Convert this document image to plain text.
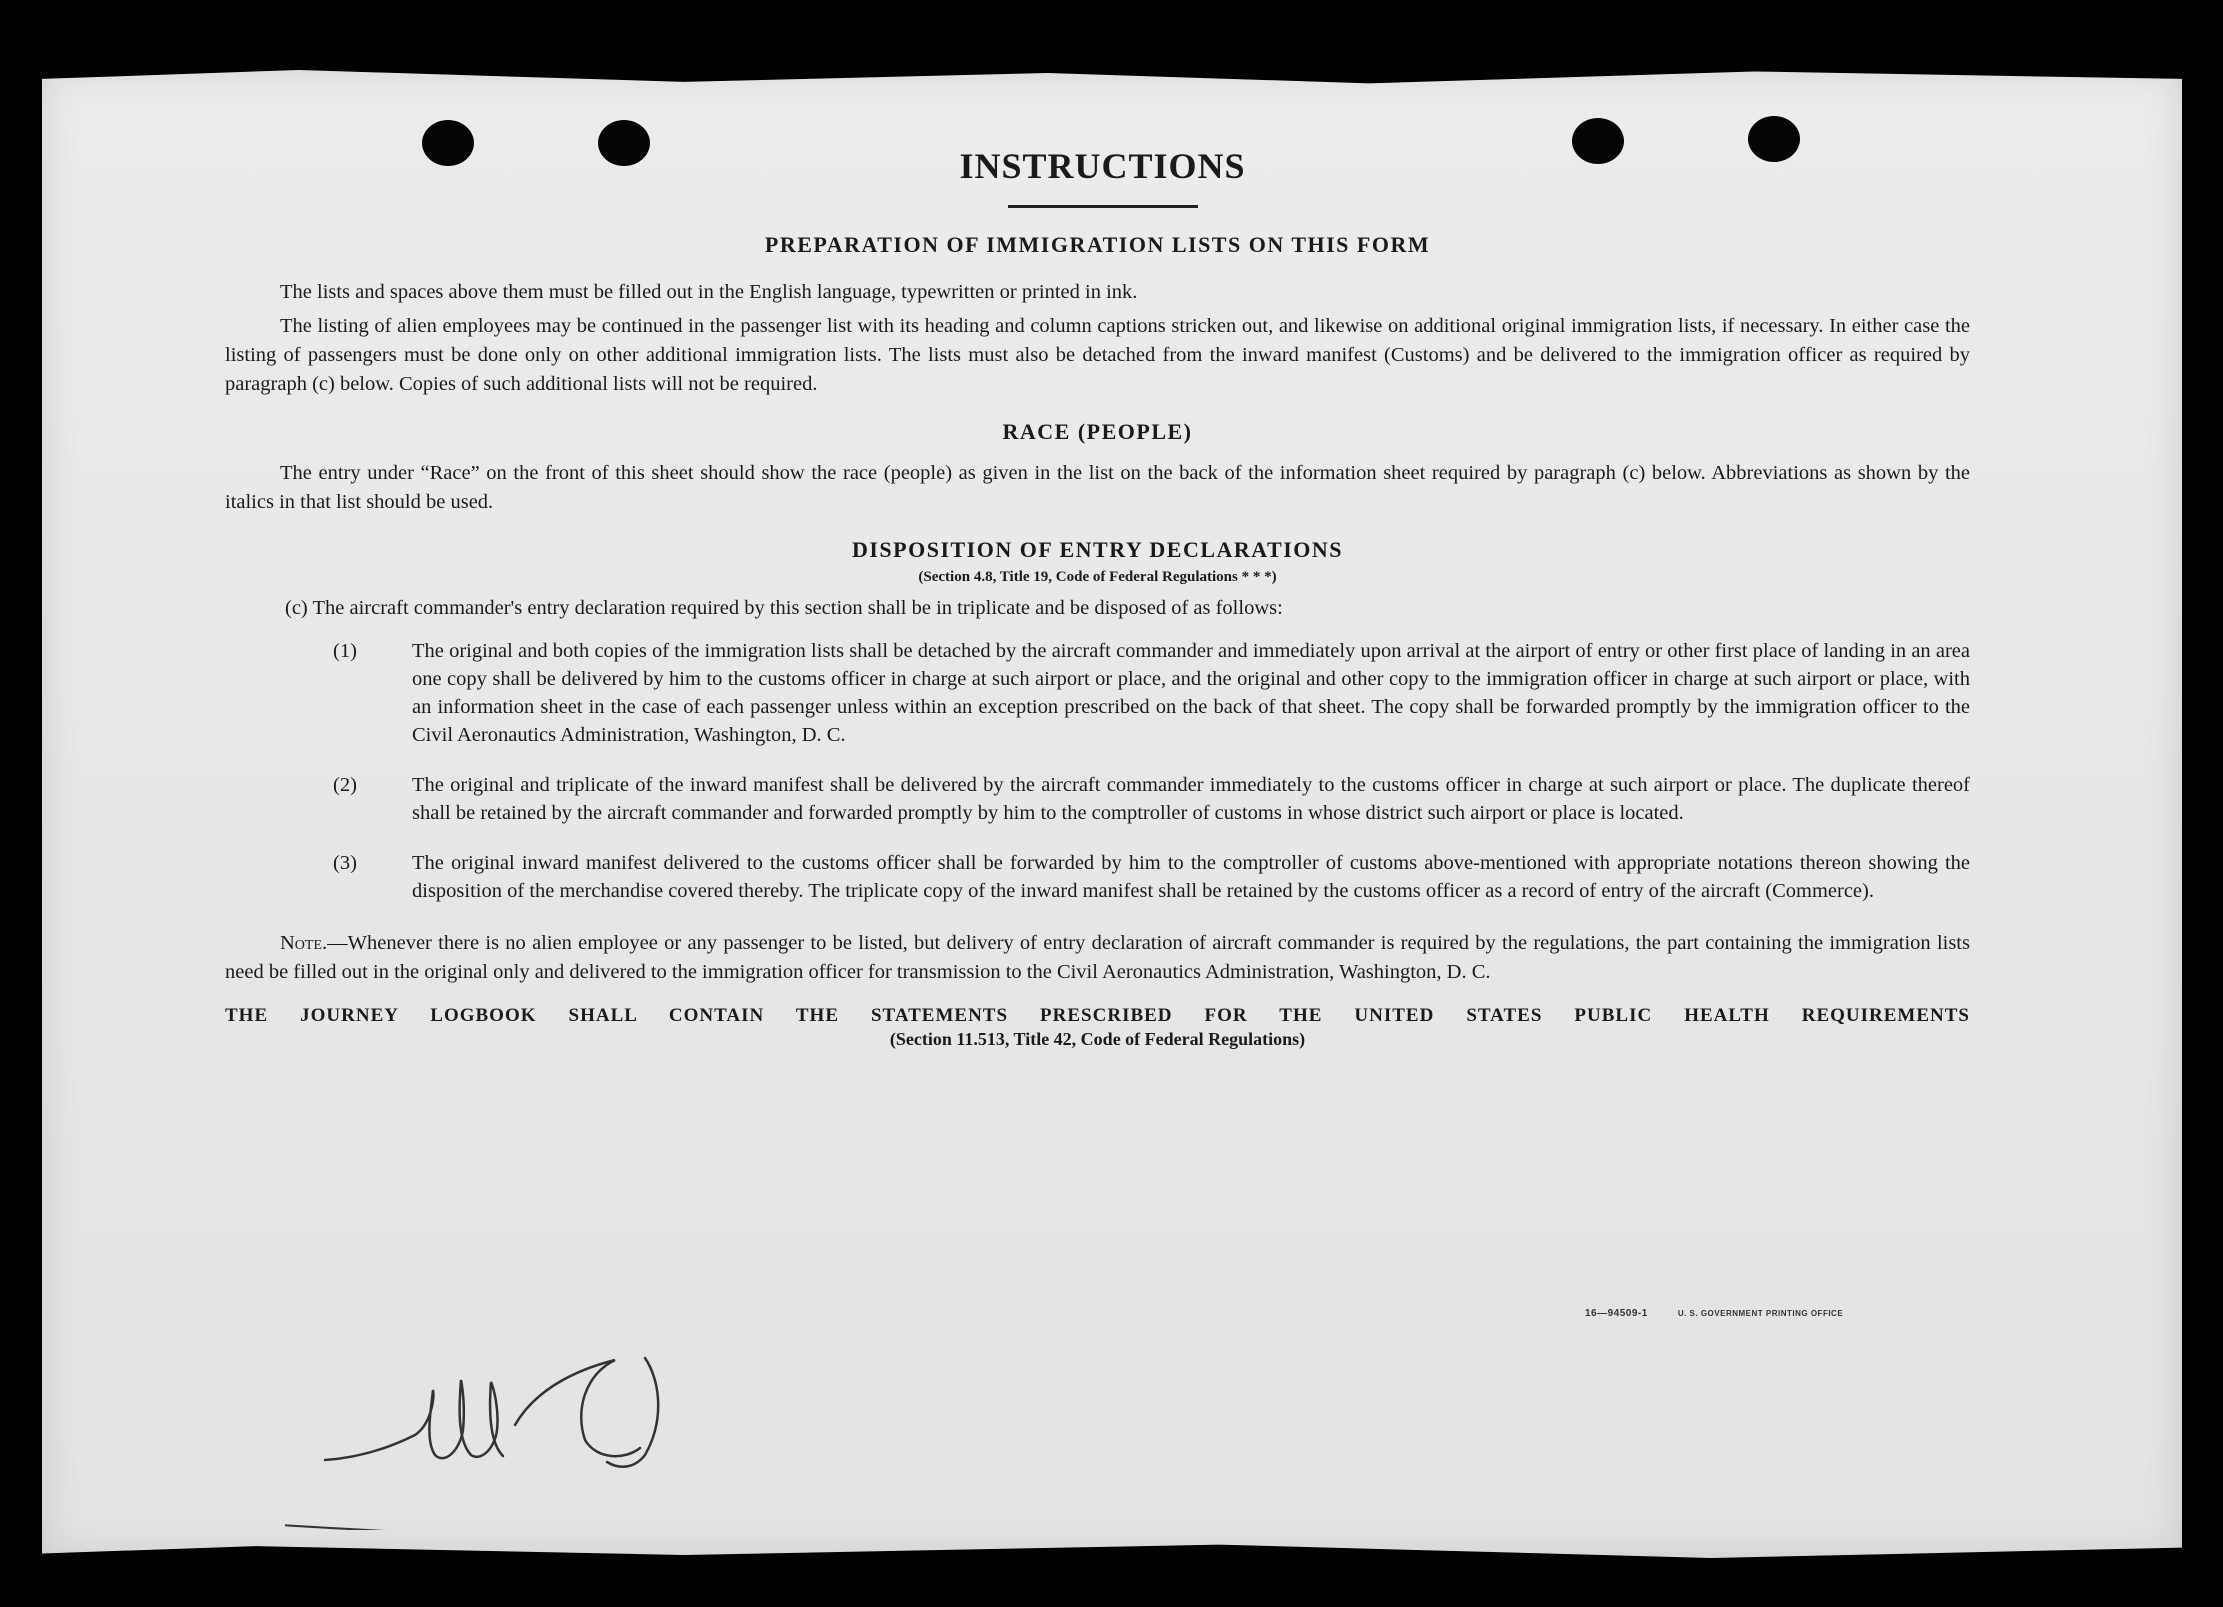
INSTRUCTIONS
PREPARATION OF IMMIGRATION LISTS ON THIS FORM

The lists and spaces above them must be filled out in the English language, typewritten or printed in ink.

The listing of alien employees may be continued in the passenger list with its heading and column captions stricken out, and likewise on additional original immigration lists, if necessary. In either case the listing of passengers must be done only on other additional immigration lists. The lists must also be detached from the inward manifest (Customs) and be delivered to the immigration officer as required by paragraph (c) below. Copies of such additional lists will not be required.

RACE (PEOPLE)

The entry under “Race” on the front of this sheet should show the race (people) as given in the list on the back of the information sheet required by paragraph (c) below. Abbreviations as shown by the italics in that list should be used.

DISPOSITION OF ENTRY DECLARATIONS
(Section 4.8, Title 19, Code of Federal Regulations * * *)

(c) The aircraft commander's entry declaration required by this section shall be in triplicate and be disposed of as follows:

(1)	The original and both copies of the immigration lists shall be detached by the aircraft commander and immediately upon arrival at the airport of entry or other first place of landing in an area one copy shall be delivered by him to the customs officer in charge at such airport or place, and the original and other copy to the immigration officer in charge at such airport or place, with an information sheet in the case of each passenger unless within an exception prescribed on the back of that sheet. The copy shall be forwarded promptly by the immigration officer to the Civil Aeronautics Administration, Washington, D. C.
(2)	The original and triplicate of the inward manifest shall be delivered by the aircraft commander immediately to the customs officer in charge at such airport or place. The duplicate thereof shall be retained by the aircraft commander and forwarded promptly by him to the comptroller of customs in whose district such airport or place is located.
(3)	The original inward manifest delivered to the customs officer shall be forwarded by him to the comptroller of customs above-mentioned with appropriate notations thereon showing the disposition of the merchandise covered thereby. The triplicate copy of the inward manifest shall be retained by the customs officer as a record of entry of the aircraft (Commerce).

Note.—Whenever there is no alien employee or any passenger to be listed, but delivery of entry declaration of aircraft commander is required by the regulations, the part containing the immigration lists need be filled out in the original only and delivered to the immigration officer for transmission to the Civil Aeronautics Administration, Washington, D. C.

THE JOURNEY LOGBOOK SHALL CONTAIN THE STATEMENTS PRESCRIBED FOR THE UNITED STATES PUBLIC HEALTH REQUIREMENTS
(Section 11.513, Title 42, Code of Federal Regulations)
16—94509-1	U. S. GOVERNMENT PRINTING OFFICE
